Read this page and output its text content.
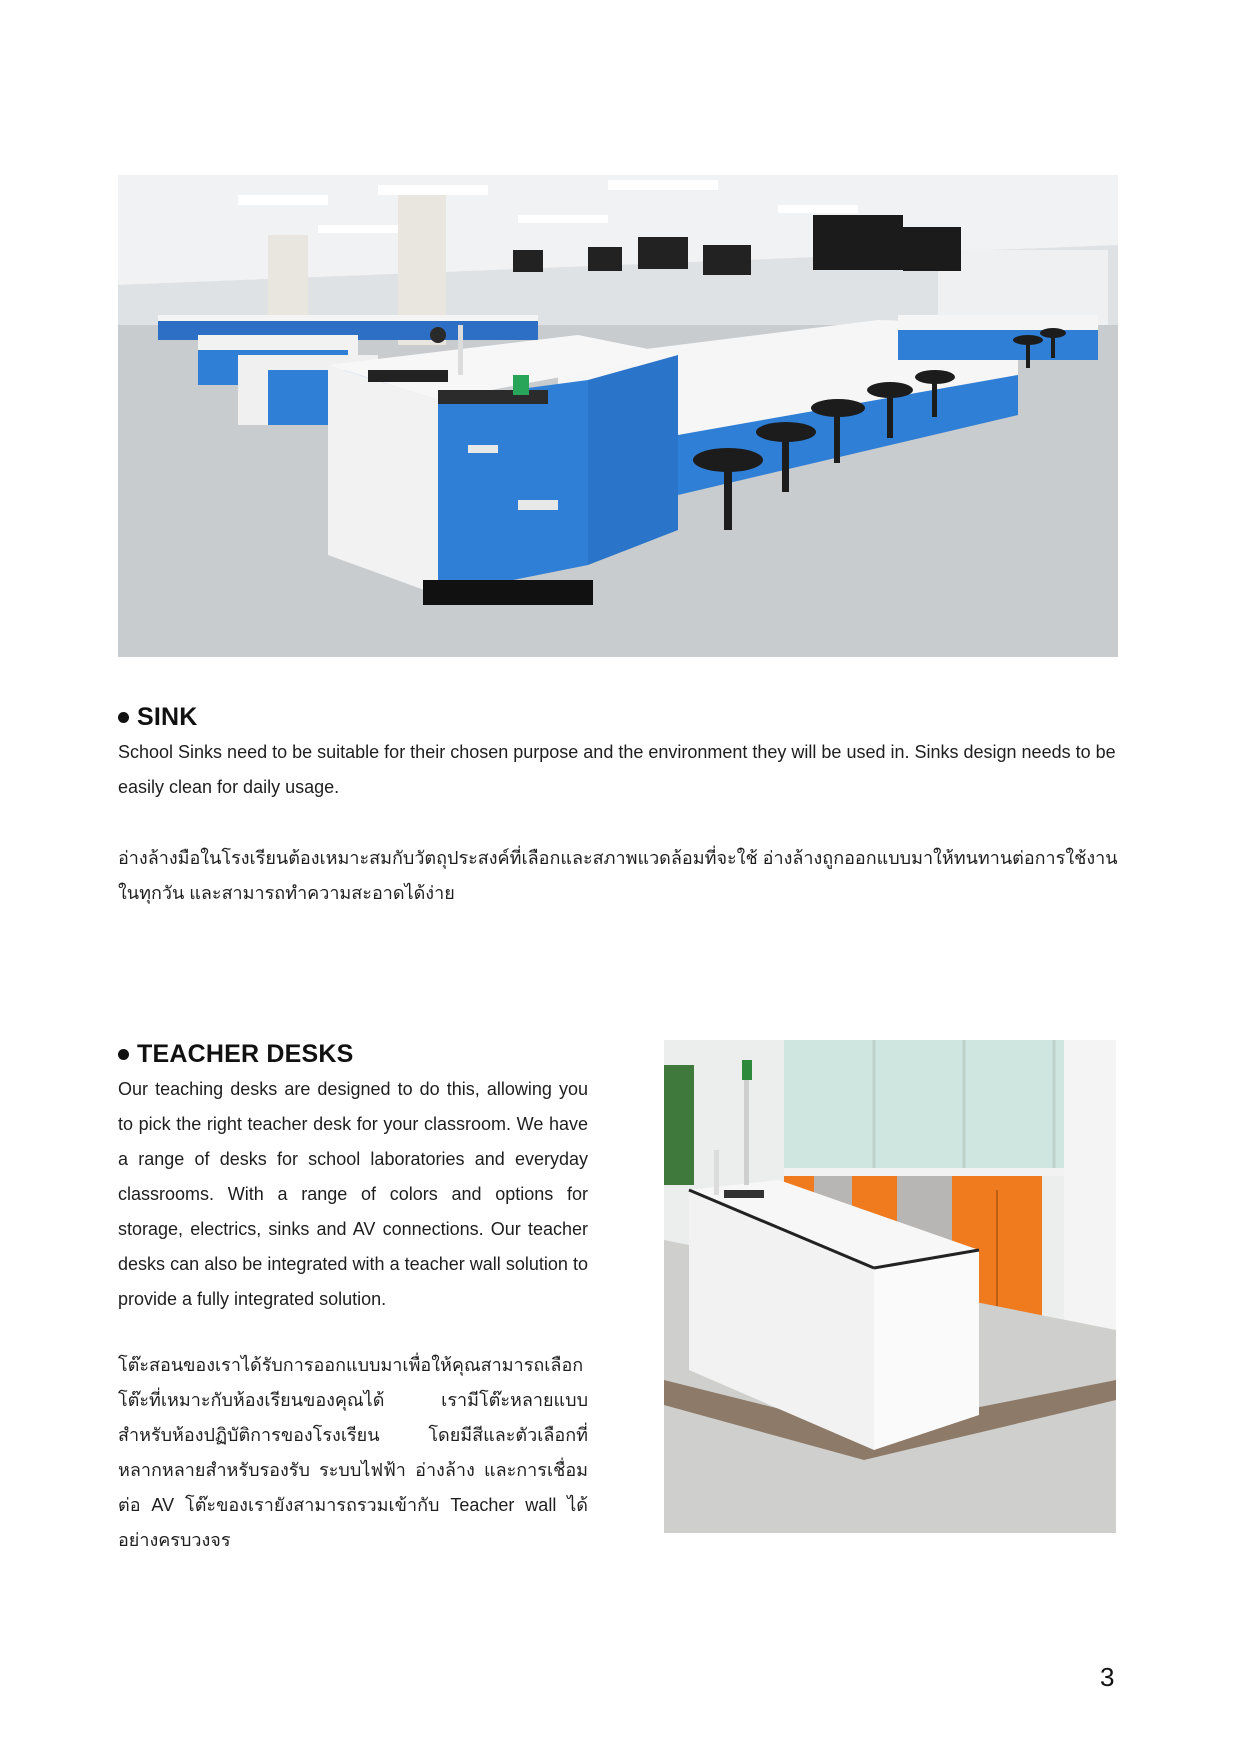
SINK

School Sinks need to be suitable for their chosen purpose and the environment they will be used in. Sinks design needs to be easily clean for daily usage.

อ่างล้างมือในโรงเรียนต้องเหมาะสมกับวัตถุประสงค์ที่เลือกและสภาพแวดล้อมที่จะใช้ อ่างล้างถูกออกแบบมาให้ทนทานต่อการใช้งานในทุกวัน และสามารถทำความสะอาดได้ง่าย

TEACHER DESKS

Our teaching desks are designed to do this, allowing you to pick the right teacher desk for your classroom. We have a range of desks for school laboratories and everyday classrooms. With a range of colors and options for storage, electrics, sinks and AV connections. Our teacher desks can also be integrated with a teacher wall solution to provide a fully integrated solution.

โต๊ะสอนของเราได้รับการออกแบบมาเพื่อให้คุณสามารถเลือกโต๊ะที่เหมาะกับห้องเรียนของคุณได้ เรามีโต๊ะหลายแบบสำหรับห้องปฏิบัติการของโรงเรียน โดยมีสีและตัวเลือกที่หลากหลายสำหรับรองรับ ระบบไฟฟ้า อ่างล้าง และการเชื่อมต่อ AV โต๊ะของเรายังสามารถรวมเข้ากับ Teacher wall ได้อย่างครบวงจร

3
